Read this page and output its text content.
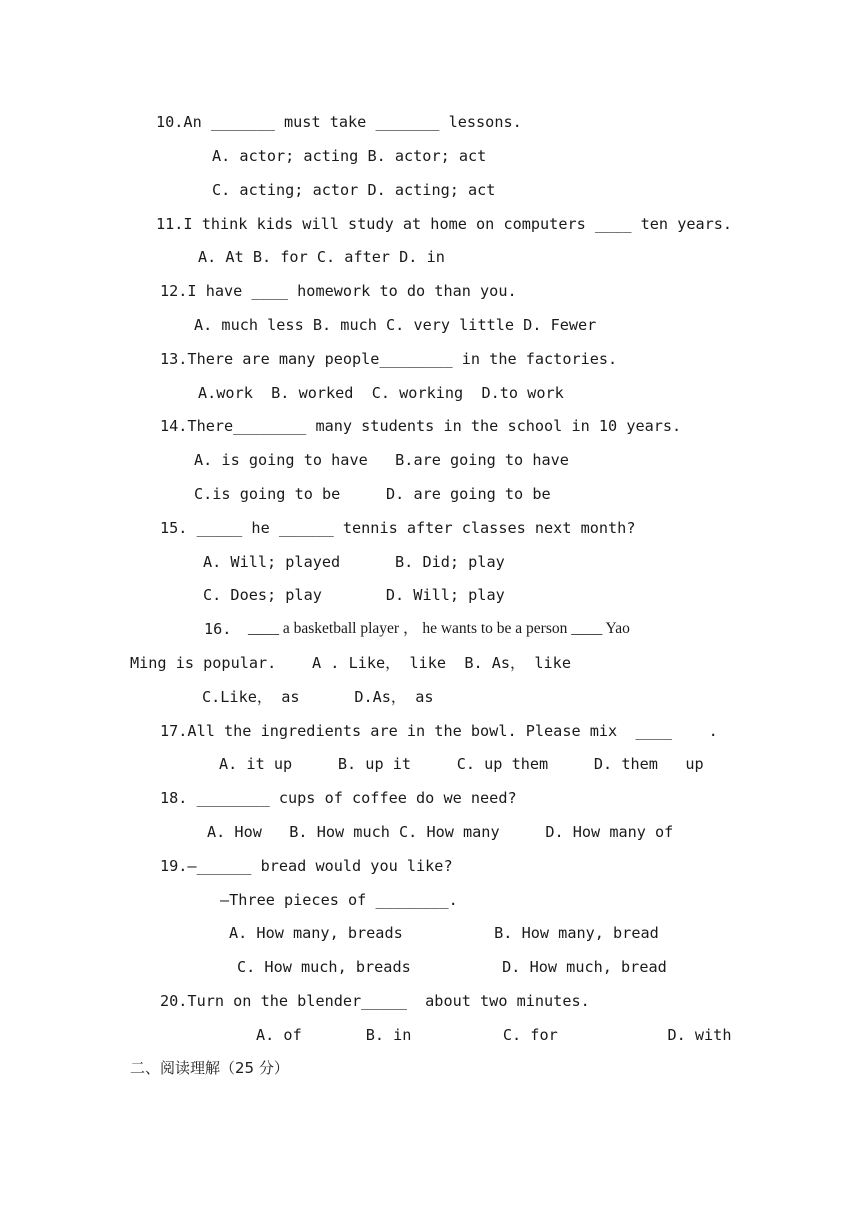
10.An _______ must take _______ lessons.
A. actor; acting B. actor; act
C. acting; actor D. acting; act
11.I think kids will study at home on computers ____ ten years.
A. At B. for C. after D. in
12.I have ____ homework to do than you.
A. much less B. much C. very little D. Fewer
13.There are many people________ in the factories.
A.work  B. worked  C. working  D.to work
14.There________ many students in the school in 10 years.
A. is going to have   B.are going to have
C.is going to be     D. are going to be
15. _____ he ______ tennis after classes next month?
A. Will; played      B. Did; play
C. Does; play       D. Will; play
16. ____ a basketball player ， he wants to be a person ____ Yao
Ming is popular. A . Like， like  B. As， like
C.Like， as      D.As， as
17.All the ingredients are in the bowl. Please mix  ____    .
A. it up     B. up it     C. up them     D. them   up
18. ________ cups of coffee do we need?
A. How   B. How much C. How many     D. How many of
19.—______ bread would you like?
—Three pieces of ________.
A. How many, breads          B. How many, bread
C. How much, breads          D. How much, bread
20.Turn on the blender_____  about two minutes.
A. of       B. in          C. for            D. with
二、阅读理解（25 分）
